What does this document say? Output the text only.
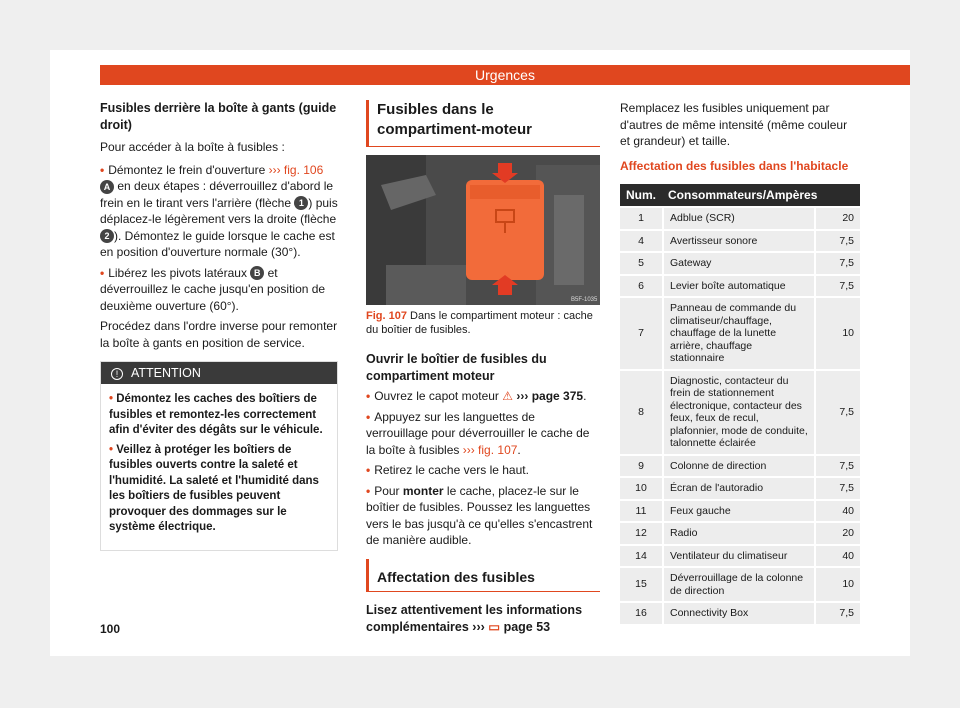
Urgences

Fusibles derrière la boîte à gants (guide droit)

Pour accéder à la boîte à fusibles :

• Démontez le frein d'ouverture ››› fig. 106 A en deux étapes : déverrouillez d'abord le frein en le tirant vers l'arrière (flèche 1 ) puis déplacez-le légèrement vers la droite (flèche 2 ). Démontez le guide lorsque le cache est en position d'ouverture normale (30°).
• Libérez les pivots latéraux B et déverrouillez le cache jusqu'en position de deuxième ouverture (60°).

Procédez dans l'ordre inverse pour remonter la boîte à gants en position de service.

! ATTENTION
• Démontez les caches des boîtiers de fusibles et remontez-les correctement afin d'éviter des dégâts sur le véhicule.
• Veillez à protéger les boîtiers de fusibles ouverts contre la saleté et l'humidité. La saleté et l'humidité dans les boîtiers de fusibles peuvent provoquer des dommages sur le système électrique.
Fusibles dans le compartiment-moteur
B5F-1035
Fig. 107 Dans le compartiment moteur : cache du boîtier de fusibles.
Ouvrir le boîtier de fusibles du compartiment moteur
• Ouvrez le capot moteur ⚠ ››› page 375.
• Appuyez sur les languettes de verrouillage pour déverrouiller le cache de la boîte à fusibles ››› fig. 107.
• Retirez le cache vers le haut.
• Pour monter le cache, placez-le sur le boîtier de fusibles. Poussez les languettes vers le bas jusqu'à ce qu'elles s'encastrent de manière audible.
Affectation des fusibles
Lisez attentivement les informations complémentaires ››› ▭ page 53

Remplacez les fusibles uniquement par d'autres de même intensité (même couleur et grandeur) et taille.

Affectation des fusibles dans l'habitacle
Num.	Consommateurs/Ampères	
1	Adblue (SCR)	20
4	Avertisseur sonore	7,5
5	Gateway	7,5
6	Levier boîte automatique	7,5
7	Panneau de commande du climatiseur/chauffage, chauffage de la lunette arrière, chauffage stationnaire	10
8	Diagnostic, contacteur du frein de stationnement électronique, contacteur des feux, feux de recul, plafonnier, mode de conduite, talonnette éclairée	7,5
9	Colonne de direction	7,5
10	Écran de l'autoradio	7,5
11	Feux gauche	40
12	Radio	20
14	Ventilateur du climatiseur	40
15	Déverrouillage de la colonne de direction	10
16	Connectivity Box	7,5
100
